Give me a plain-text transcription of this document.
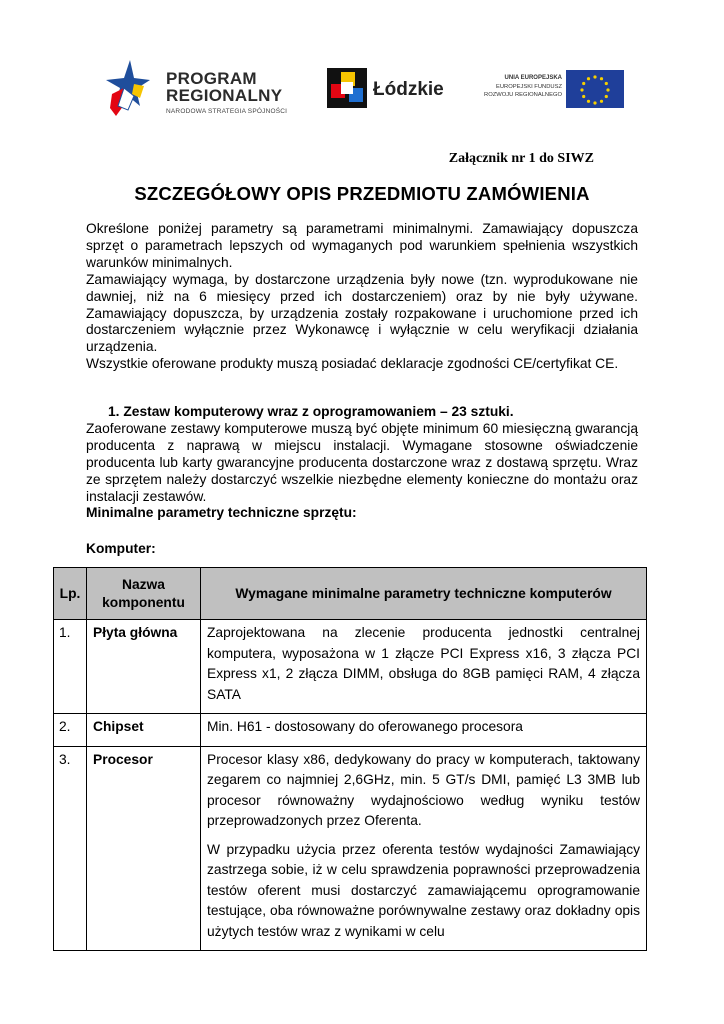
PROGRAM
REGIONALNY
NARODOWA STRATEGIA SPÓJNOŚCI
Łódzkie
UNIA EUROPEJSKA
EUROPEJSKI FUNDUSZ
ROZWOJU REGIONALNEGO
Załącznik nr 1 do SIWZ
SZCZEGÓŁOWY OPIS PRZEDMIOTU ZAMÓWIENIA

Określone poniżej parametry są parametrami minimalnymi. Zamawiający dopuszcza sprzęt o parametrach lepszych od wymaganych pod warunkiem spełnienia wszystkich warunków minimalnych.

Zamawiający wymaga, by dostarczone urządzenia były nowe (tzn. wyprodukowane nie dawniej, niż na 6 miesięcy przed ich dostarczeniem) oraz by nie były używane. Zamawiający dopuszcza, by urządzenia zostały rozpakowane i uruchomione przed ich dostarczeniem wyłącznie przez Wykonawcę i wyłącznie w celu weryfikacji działania urządzenia.

Wszystkie oferowane produkty muszą posiadać deklaracje zgodności CE/certyfikat CE.

1. Zestaw komputerowy wraz z oprogramowaniem – 23 sztuki.

Zaoferowane zestawy komputerowe muszą być objęte minimum 60 miesięczną gwarancją producenta z naprawą w miejscu instalacji. Wymagane stosowne oświadczenie producenta lub karty gwarancyjne producenta dostarczone wraz z dostawą sprzętu. Wraz ze sprzętem należy dostarczyć wszelkie niezbędne elementy konieczne do montażu oraz instalacji zestawów.

Minimalne parametry techniczne sprzętu:

Komputer:
Lp.	Nazwa komponentu	Wymagane minimalne parametry techniczne komputerów
1.	Płyta główna	Zaprojektowana na zlecenie producenta jednostki centralnej komputera, wyposażona w 1 złącze PCI Express x16, 3 złącza PCI Express x1, 2 złącza DIMM, obsługa do 8GB pamięci RAM, 4 złącza SATA

2.	Chipset	Min. H61 - dostosowany do oferowanego procesora

3.	Procesor	Procesor klasy x86, dedykowany do pracy w komputerach, taktowany zegarem co najmniej 2,6GHz, min. 5 GT/s DMI, pamięć L3 3MB lub procesor równoważny wydajnościowo według wyniku testów przeprowadzonych przez Oferenta.

W przypadku użycia przez oferenta testów wydajności Zamawiający zastrzega sobie, iż w celu sprawdzenia poprawności przeprowadzenia testów oferent musi dostarczyć zamawiającemu oprogramowanie testujące, oba równoważne porównywalne zestawy oraz dokładny opis użytych testów wraz z wynikami w celu
